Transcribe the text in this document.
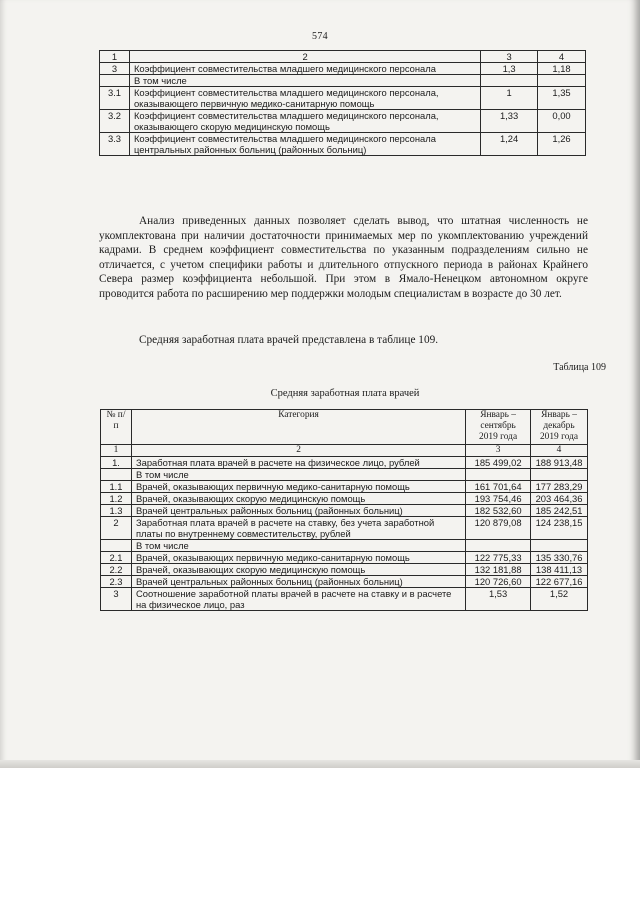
574
1	2	3	4
3	Коэффициент совместительства младшего медицинского персонала	1,3	1,18
	В том числе		
3.1	Коэффициент совместительства младшего медицинского персонала, оказывающего первичную медико-санитарную помощь	1	1,35
3.2	Коэффициент совместительства младшего медицинского персонала, оказывающего скорую медицинскую помощь	1,33	0,00
3.3	Коэффициент совместительства младшего медицинского персонала центральных районных больниц (районных больниц)	1,24	1,26

Анализ приведенных данных позволяет сделать вывод, что штатная численность не укомплектована при наличии достаточности принимаемых мер по укомплектованию учреждений кадрами. В среднем коэффициент совместительства по указанным подразделениям сильно не отличается, с учетом специфики работы и длительного отпускного периода в районах Крайнего Севера размер коэффициента небольшой. При этом в Ямало-Ненецком автономном округе проводится работа по расширению мер поддержки молодым специалистам в возрасте до 30 лет.

Средняя заработная плата врачей представлена в таблице 109.

Таблица 109
Средняя заработная плата врачей
№ п/п	Категория	Январь – сентябрь 2019 года	Январь – декабрь 2019 года
1	2	3	4
1.	Заработная плата врачей в расчете на физическое лицо, рублей	185 499,02	188 913,48
	В том числе		
1.1	Врачей, оказывающих первичную медико-санитарную помощь	161 701,64	177 283,29
1.2	Врачей, оказывающих скорую медицинскую помощь	193 754,46	203 464,36
1.3	Врачей центральных районных больниц (районных больниц)	182 532,60	185 242,51
2	Заработная плата врачей в расчете на ставку, без учета заработной платы по внутреннему совместительству, рублей	120 879,08	124 238,15
	В том числе		
2.1	Врачей, оказывающих первичную медико-санитарную помощь	122 775,33	135 330,76
2.2	Врачей, оказывающих скорую медицинскую помощь	132 181,88	138 411,13
2.3	Врачей центральных районных больниц (районных больниц)	120 726,60	122 677,16
3	Соотношение заработной платы врачей в расчете на ставку и в расчете на физическое лицо, раз	1,53	1,52
